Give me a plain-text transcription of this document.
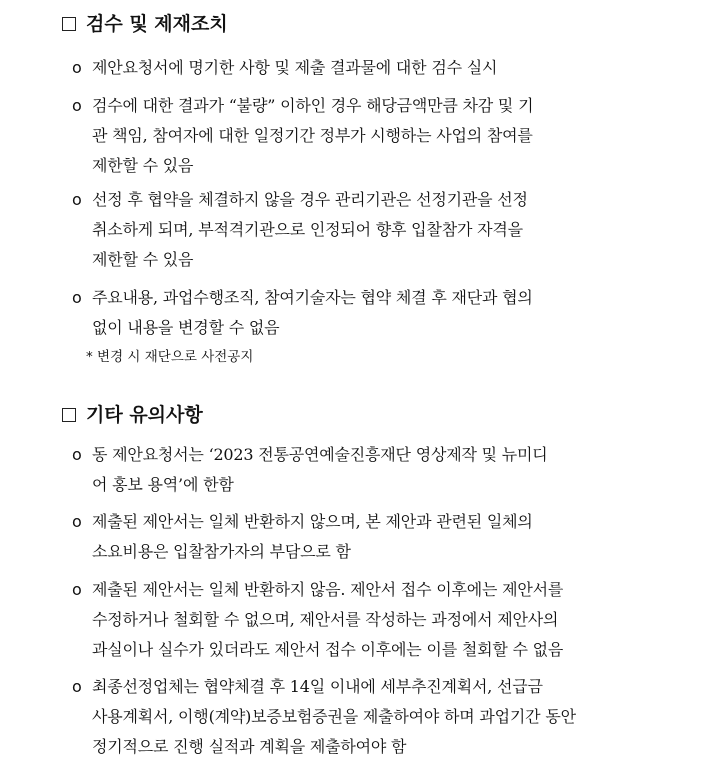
검수 및 제재조치
o 제안요청서에 명기한 사항 및 제출 결과물에 대한 검수 실시
o 검수에 대한 결과가 “불량” 이하인 경우 해당금액만큼 차감 및 기
관 책임, 참여자에 대한 일정기간 정부가 시행하는 사업의 참여를
제한할 수 있음
o 선정 후 협약을 체결하지 않을 경우 관리기관은 선정기관을 선정
취소하게 되며, 부적격기관으로 인정되어 향후 입찰참가 자격을
제한할 수 있음
o 주요내용, 과업수행조직, 참여기술자는 협약 체결 후 재단과 협의
없이 내용을 변경할 수 없음
* 변경 시 재단으로 사전공지
기타 유의사항
o 동 제안요청서는 ‘2023 전통공연예술진흥재단 영상제작 및 뉴미디
어 홍보 용역’에 한함
o 제출된 제안서는 일체 반환하지 않으며, 본 제안과 관련된 일체의
소요비용은 입찰참가자의 부담으로 함
o 제출된 제안서는 일체 반환하지 않음. 제안서 접수 이후에는 제안서를
수정하거나 철회할 수 없으며, 제안서를 작성하는 과정에서 제안사의
과실이나 실수가 있더라도 제안서 접수 이후에는 이를 철회할 수 없음
o 최종선정업체는 협약체결 후 14일 이내에 세부추진계획서, 선급금
사용계획서, 이행(계약)보증보험증권을 제출하여야 하며 과업기간 동안
정기적으로 진행 실적과 계획을 제출하여야 함
